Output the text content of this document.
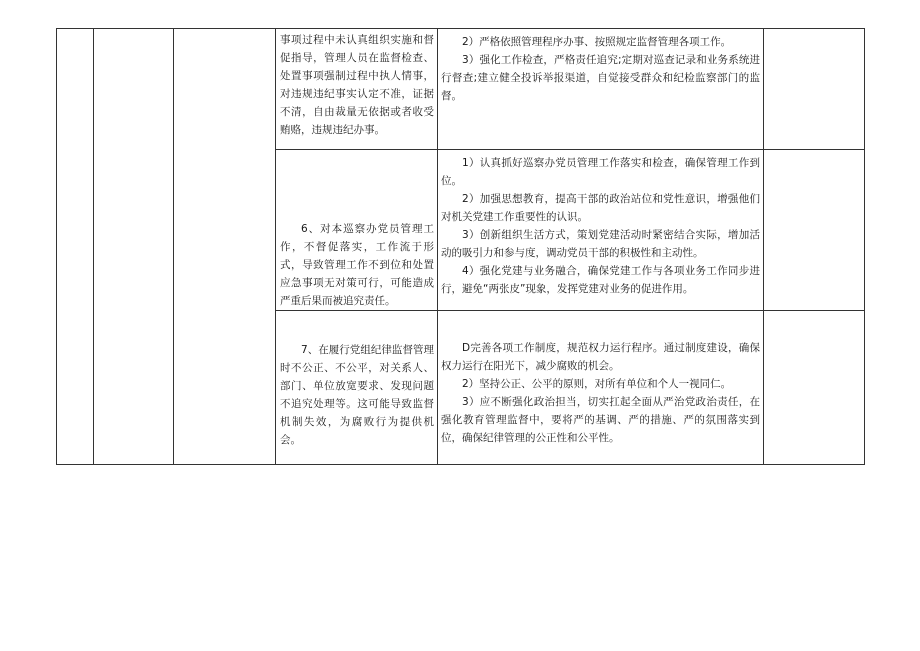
			事项过程中未认真组织实施和督促指导，管理人员在监督检查、处置事项强制过程中执人情事，对违规违纪事实认定不准，证据不清，自由裁量无依据或者收受贿赂，违规违纪办事。	2）严格依照管理程序办事、按照规定监督管理各项工作。

3）强化工作检查，严格责任追究;定期对巡查记录和业务系统进行督查;建立健全投诉举报渠道，自觉接受群众和纪检监察部门的监督。	

			6、对本巡察办党员管理工作，不督促落实，工作流于形式，导致管理工作不到位和处置应急事项无对策可行，可能造成严重后果而被追究责任。	1）认真抓好巡察办党员管理工作落实和检查，确保管理工作到位。

2）加强思想教育，提高干部的政治站位和党性意识，增强他们对机关党建工作重要性的认识。

3）创新组织生活方式，策划党建活动时紧密结合实际，增加活动的吸引力和参与度，调动党员干部的积极性和主动性。

4）强化党建与业务融合，确保党建工作与各项业务工作同步进行，避免“两张皮”现象，发挥党建对业务的促进作用。	

			7、在履行党组纪律监督管理时不公正、不公平，对关系人、部门、单位放宽要求、发现问题不追究处理等。这可能导致监督机制失效，为腐败行为提供机会。	D完善各项工作制度，规范权力运行程序。通过制度建设，确保权力运行在阳光下，减少腐败的机会。

2）坚持公正、公平的原则，对所有单位和个人一视同仁。

3）应不断强化政治担当，切实扛起全面从严治党政治责任，在强化教育管理监督中，要将严的基调、严的措施、严的氛围落实到位，确保纪律管理的公正性和公平性。	
